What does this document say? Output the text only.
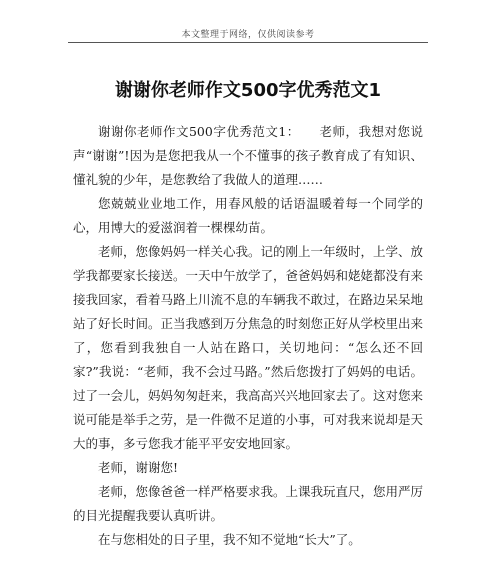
本文整理于网络，仅供阅读参考
谢谢你老师作文500字优秀范文1

谢谢你老师作文500字优秀范文1：　　老师，我想对您说声“谢谢”!因为是您把我从一个不懂事的孩子教育成了有知识、懂礼貌的少年，是您教给了我做人的道理……

您兢兢业业地工作，用春风般的话语温暖着每一个同学的心，用博大的爱滋润着一棵棵幼苗。

老师，您像妈妈一样关心我。记的刚上一年级时，上学、放学我都要家长接送。一天中午放学了，爸爸妈妈和姥姥都没有来接我回家，看着马路上川流不息的车辆我不敢过，在路边呆呆地站了好长时间。正当我感到万分焦急的时刻您正好从学校里出来了，您看到我独自一人站在路口，关切地问：“怎么还不回家?”我说：“老师，我不会过马路。”然后您拨打了妈妈的电话。过了一会儿，妈妈匆匆赶来，我高高兴兴地回家去了。这对您来说可能是举手之劳，是一件微不足道的小事，可对我来说却是天大的事，多亏您我才能平平安安地回家。

老师，谢谢您!

老师，您像爸爸一样严格要求我。上课我玩直尺，您用严厉的目光提醒我要认真听讲。

在与您相处的日子里，我不知不觉地“长大”了。
